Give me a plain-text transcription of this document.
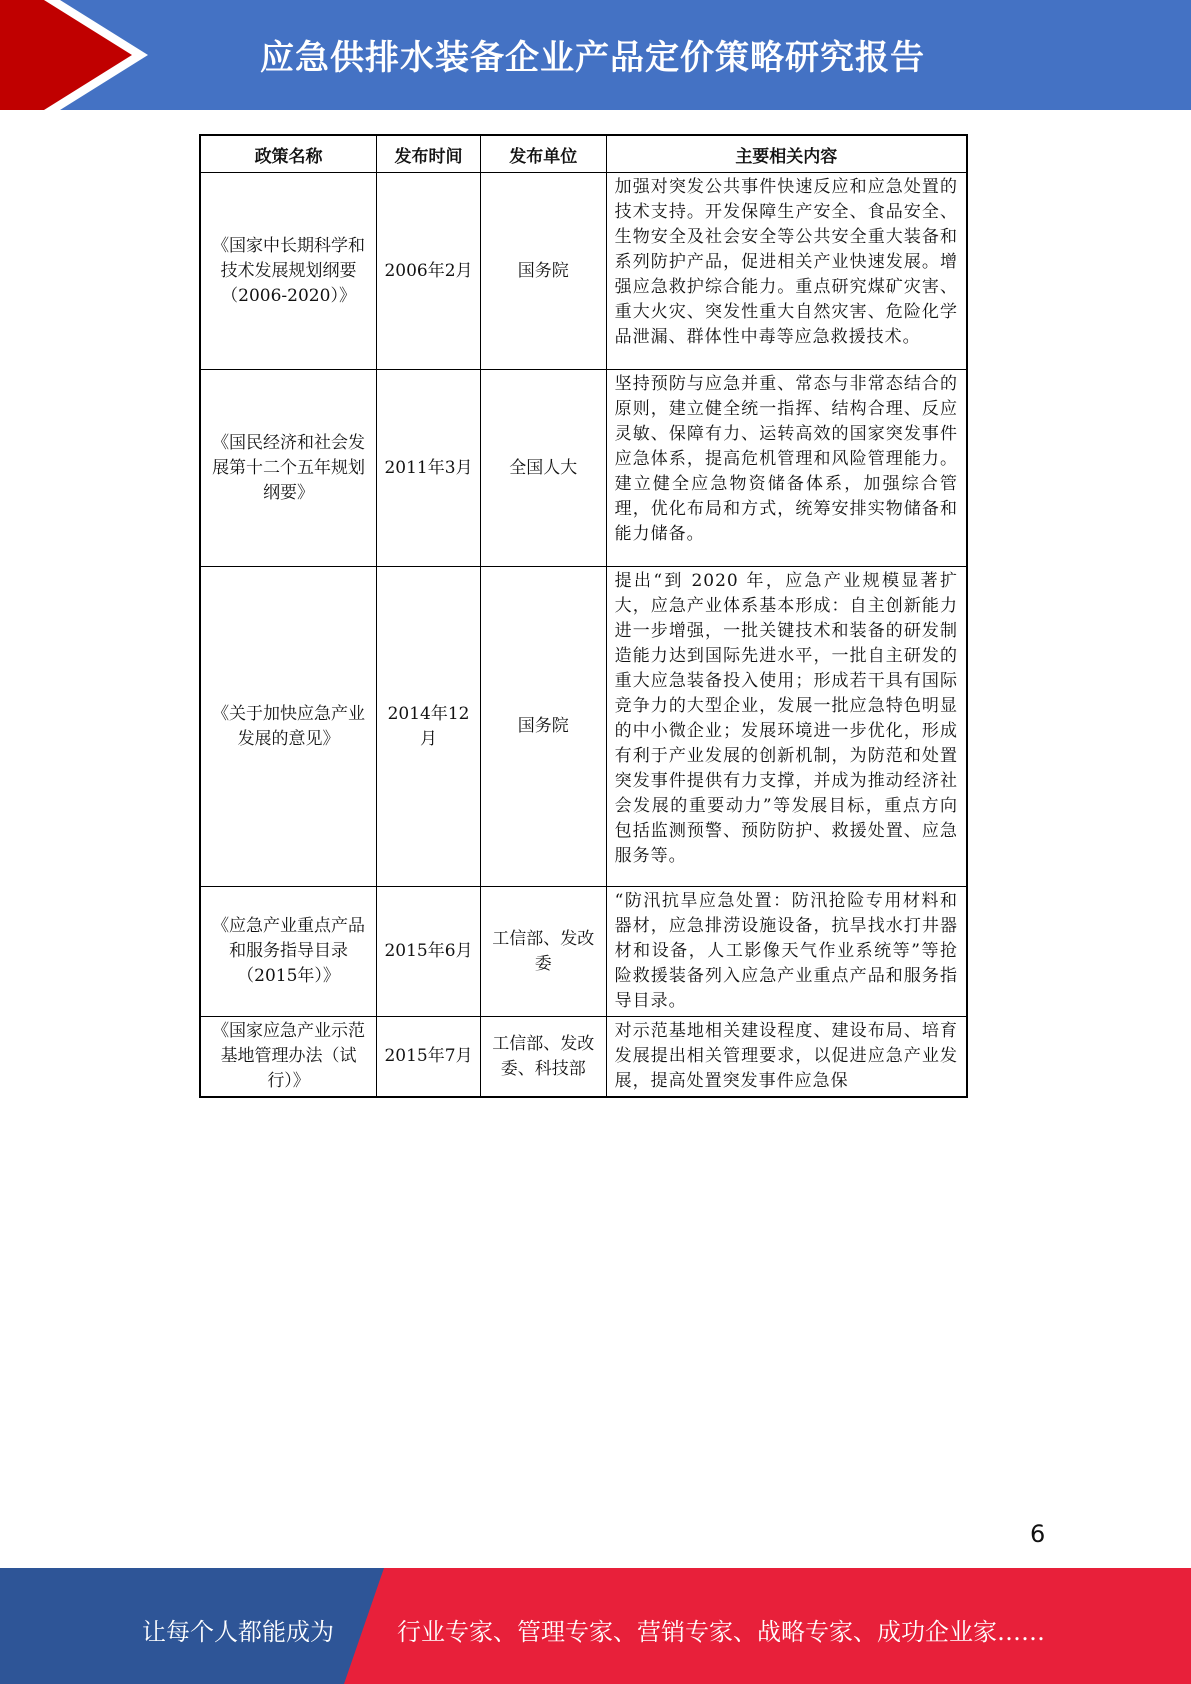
应急供排水装备企业产品定价策略研究报告
政策名称	发布时间	发布单位	主要相关内容
《国家中长期科学和技术发展规划纲要（2006-2020）》	2006年2月	国务院	加强对突发公共事件快速反应和应急处置的技术支持。开发保障生产安全、食品安全、生物安全及社会安全等公共安全重大装备和系列防护产品，促进相关产业快速发展。增强应急救护综合能力。重点研究煤矿灾害、重大火灾、突发性重大自然灾害、危险化学品泄漏、群体性中毒等应急救援技术。
《国民经济和社会发展第十二个五年规划纲要》	2011年3月	全国人大	坚持预防与应急并重、常态与非常态结合的原则，建立健全统一指挥、结构合理、反应灵敏、保障有力、运转高效的国家突发事件应急体系，提高危机管理和风险管理能力。建立健全应急物资储备体系，加强综合管理，优化布局和方式，统筹安排实物储备和能力储备。
《关于加快应急产业发展的意见》	2014年12月	国务院	提出“到 2020 年，应急产业规模显著扩大，应急产业体系基本形成：自主创新能力进一步增强，一批关键技术和装备的研发制造能力达到国际先进水平，一批自主研发的重大应急装备投入使用；形成若干具有国际竞争力的大型企业，发展一批应急特色明显的中小微企业；发展环境进一步优化，形成有利于产业发展的创新机制，为防范和处置突发事件提供有力支撑，并成为推动经济社会发展的重要动力”等发展目标，重点方向包括监测预警、预防防护、救援处置、应急服务等。
《应急产业重点产品和服务指导目录（2015年）》	2015年6月	工信部、发改委	“防汛抗旱应急处置：防汛抢险专用材料和器材，应急排涝设施设备，抗旱找水打井器材和设备，人工影像天气作业系统等”等抢险救援装备列入应急产业重点产品和服务指导目录。
《国家应急产业示范基地管理办法（试行）》	2015年7月	工信部、发改委、科技部	对示范基地相关建设程度、建设布局、培育发展提出相关管理要求，以促进应急产业发展，提高处置突发事件应急保
6
让每个人都能成为	行业专家、管理专家、营销专家、战略专家、成功企业家……
